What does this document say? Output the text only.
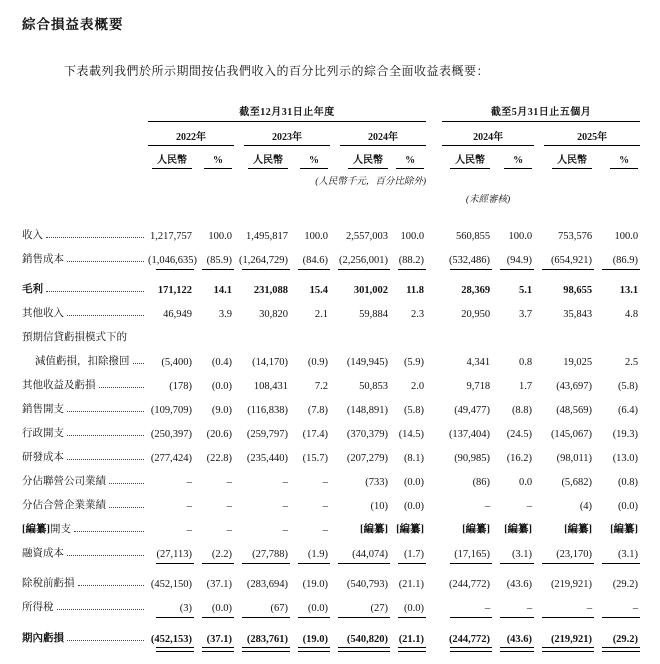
綜合損益表概要
下表載列我們於所示期間按佔我們收入的百分比列示的綜合全面收益表概要：

	截至12月31日止年度							截至5月31日止五個月			

	2022年		2023年		2024年			2024年		2025年	

	人民幣	%	人民幣	%	人民幣	%		人民幣	%	人民幣	%
			(人民幣千元，百分比除外)								
								(未經審核)			

收入	1,217,757	100.0	1,495,817	100.0	2,557,003	100.0		560,855	100.0	753,576	100.0

銷售成本	(1,046,635)	(85.9)	(1,264,729)	(84.6)	(2,256,001)	(88.2)		(532,486)	(94.9)	(654,921)	(86.9)

毛利	171,122	14.1	231,088	15.4	301,002	11.8		28,369	5.1	98,655	13.1

其他收入	46,949	3.9	30,820	2.1	59,884	2.3		20,950	3.7	35,843	4.8

預期信貸虧損模式下的											

減值虧損，扣除撥回	(5,400)	(0.4)	(14,170)	(0.9)	(149,945)	(5.9)		4,341	0.8	19,025	2.5

其他收益及虧損	(178)	(0.0)	108,431	7.2	50,853	2.0		9,718	1.7	(43,697)	(5.8)

銷售開支	(109,709)	(9.0)	(116,838)	(7.8)	(148,891)	(5.8)		(49,477)	(8.8)	(48,569)	(6.4)

行政開支	(250,397)	(20.6)	(259,797)	(17.4)	(370,379)	(14.5)		(137,404)	(24.5)	(145,067)	(19.3)

研發成本	(277,424)	(22.8)	(235,440)	(15.7)	(207,279)	(8.1)		(90,985)	(16.2)	(98,011)	(13.0)

分佔聯營公司業績	–	–	–	–	(733)	(0.0)		(86)	0.0	(5,682)	(0.8)

分佔合營企業業績	–	–	–	–	(10)	(0.0)		–	–	(4)	(0.0)

[編纂]開支	–	–	–	–	[編纂]	[編纂]		[編纂]	[編纂]	[編纂]	[編纂]

融資成本	(27,113)	(2.2)	(27,788)	(1.9)	(44,074)	(1.7)		(17,165)	(3.1)	(23,170)	(3.1)

除稅前虧損	(452,150)	(37.1)	(283,694)	(19.0)	(540,793)	(21.1)		(244,772)	(43.6)	(219,921)	(29.2)

所得稅	(3)	(0.0)	(67)	(0.0)	(27)	(0.0)		–	–	–	–

期內虧損	(452,153)	(37.1)	(283,761)	(19.0)	(540,820)	(21.1)		(244,772)	(43.6)	(219,921)	(29.2)
